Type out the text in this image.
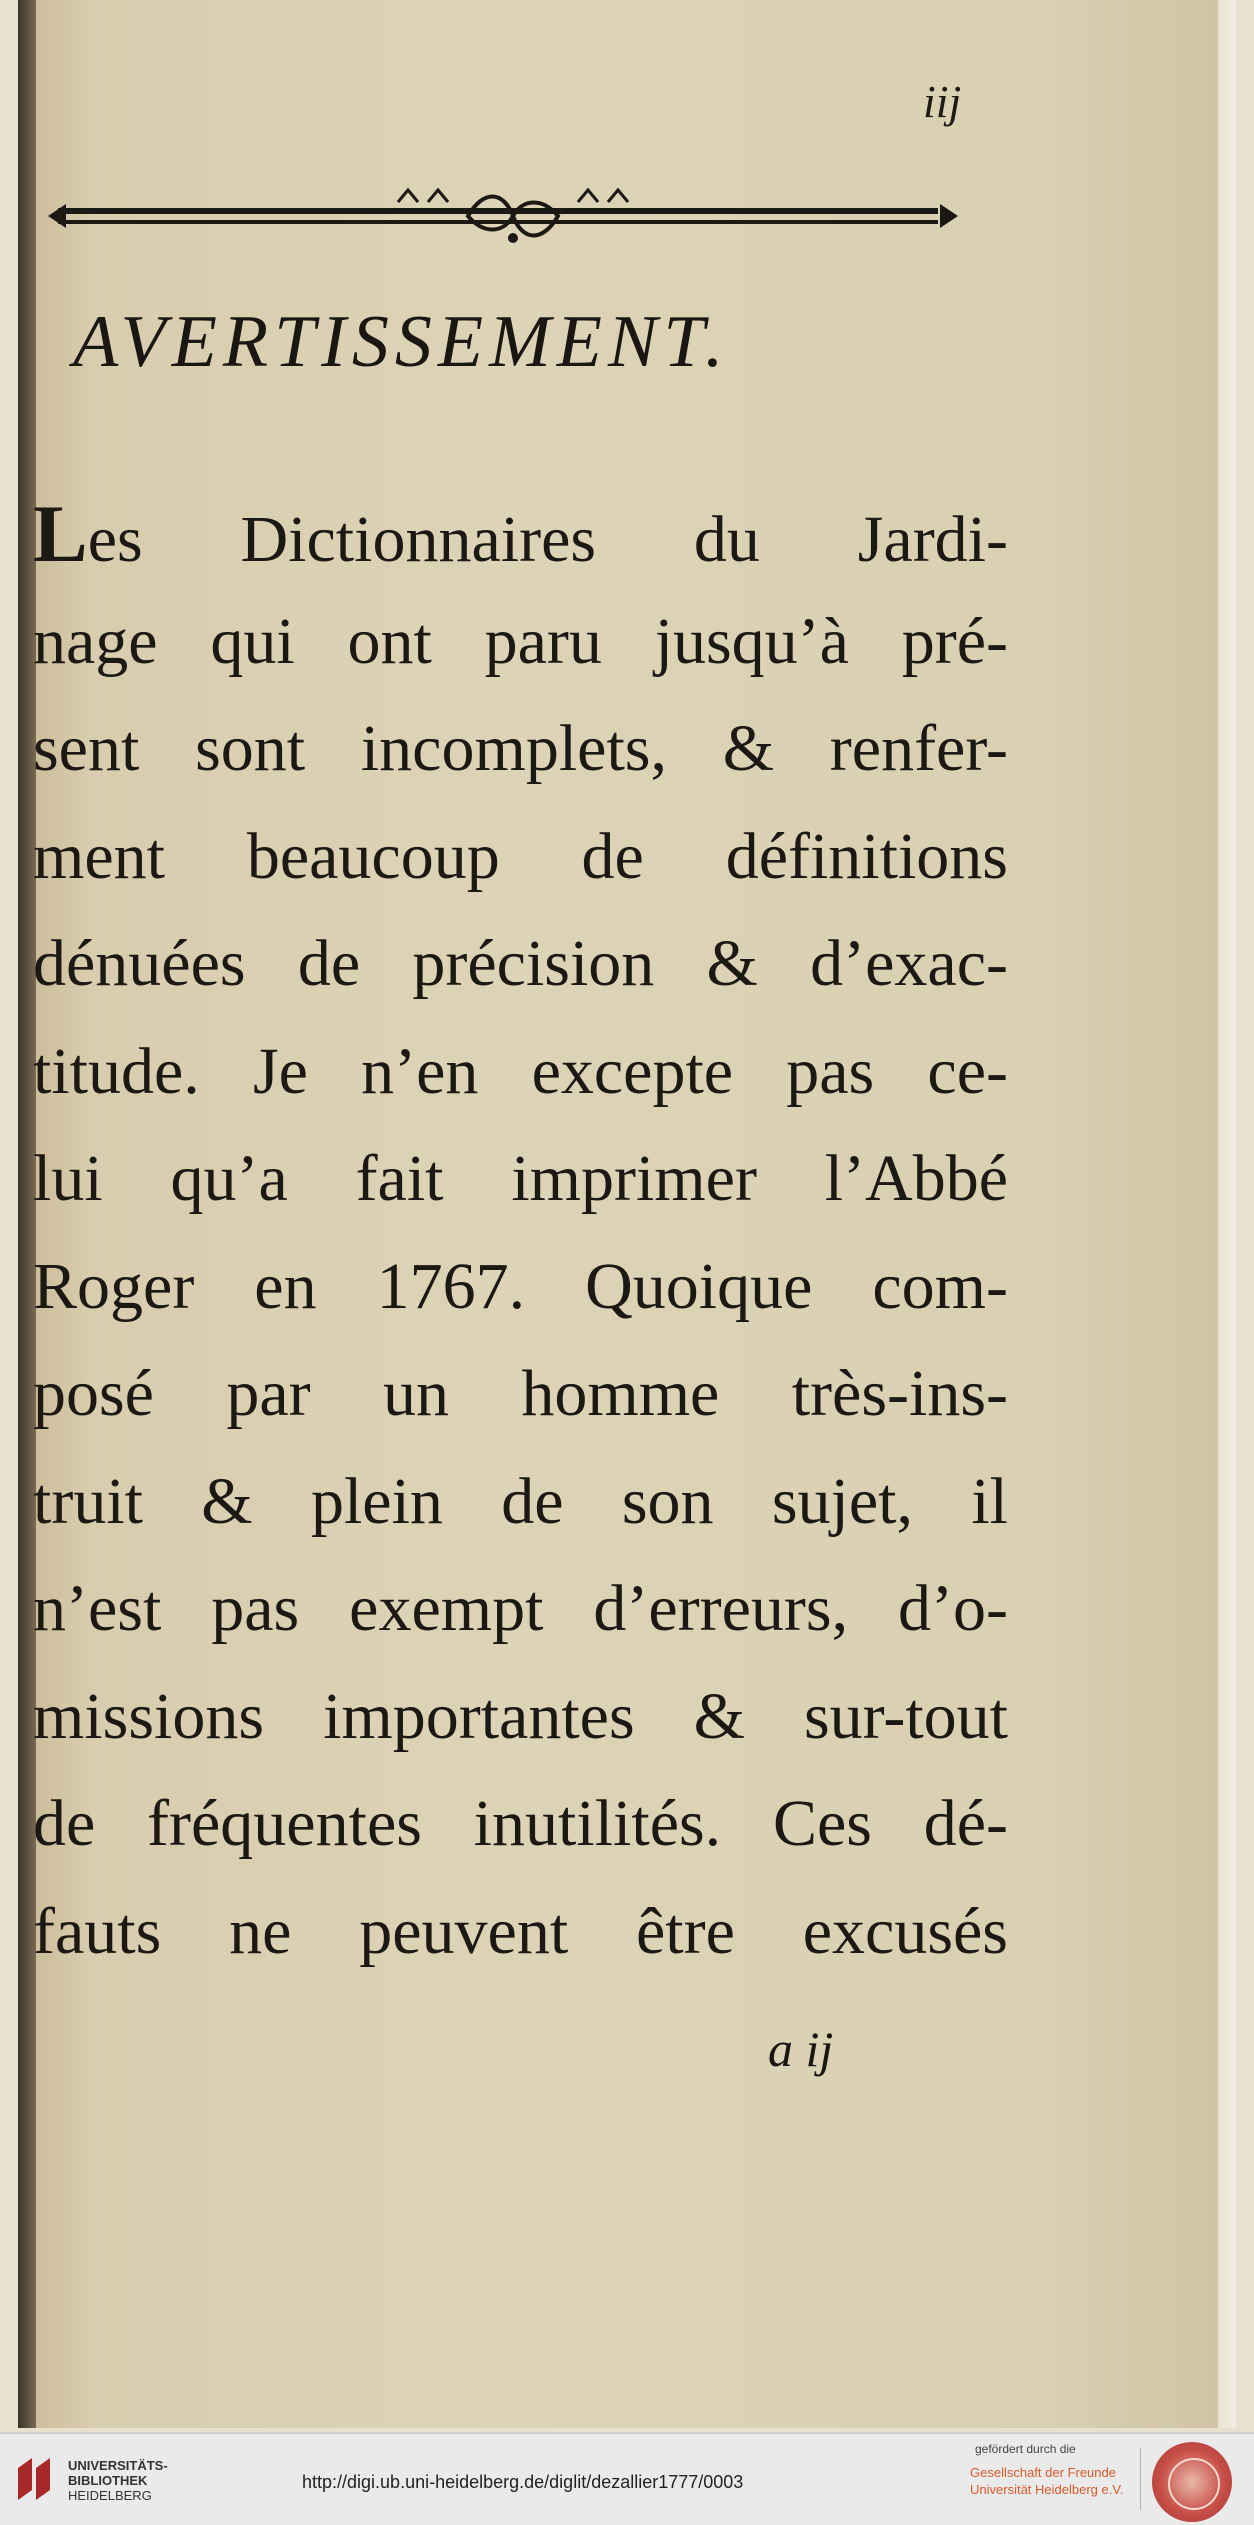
iij
AVERTISSEMENT.
Les Dictionnaires du Jardi-
nage qui ont paru jusqu’à pré-
sent sont incomplets, & renfer-
ment beaucoup de définitions
dénuées de précision & d’exac-
titude. Je n’en excepte pas ce-
lui qu’a fait imprimer l’Abbé
Roger en 1767. Quoique com-
posé par un homme très-ins-
truit & plein de son sujet, il
n’est pas exempt d’erreurs, d’o-
missions importantes & sur-tout
de fréquentes inutilités. Ces dé-
fauts ne peuvent être excusés
a ij
UNIVERSITÄTS-
BIBLIOTHEK
HEIDELBERG
http://digi.ub.uni-heidelberg.de/diglit/dezallier1777/0003
gefördert durch die
Gesellschaft der Freunde
Universität Heidelberg e.V.
